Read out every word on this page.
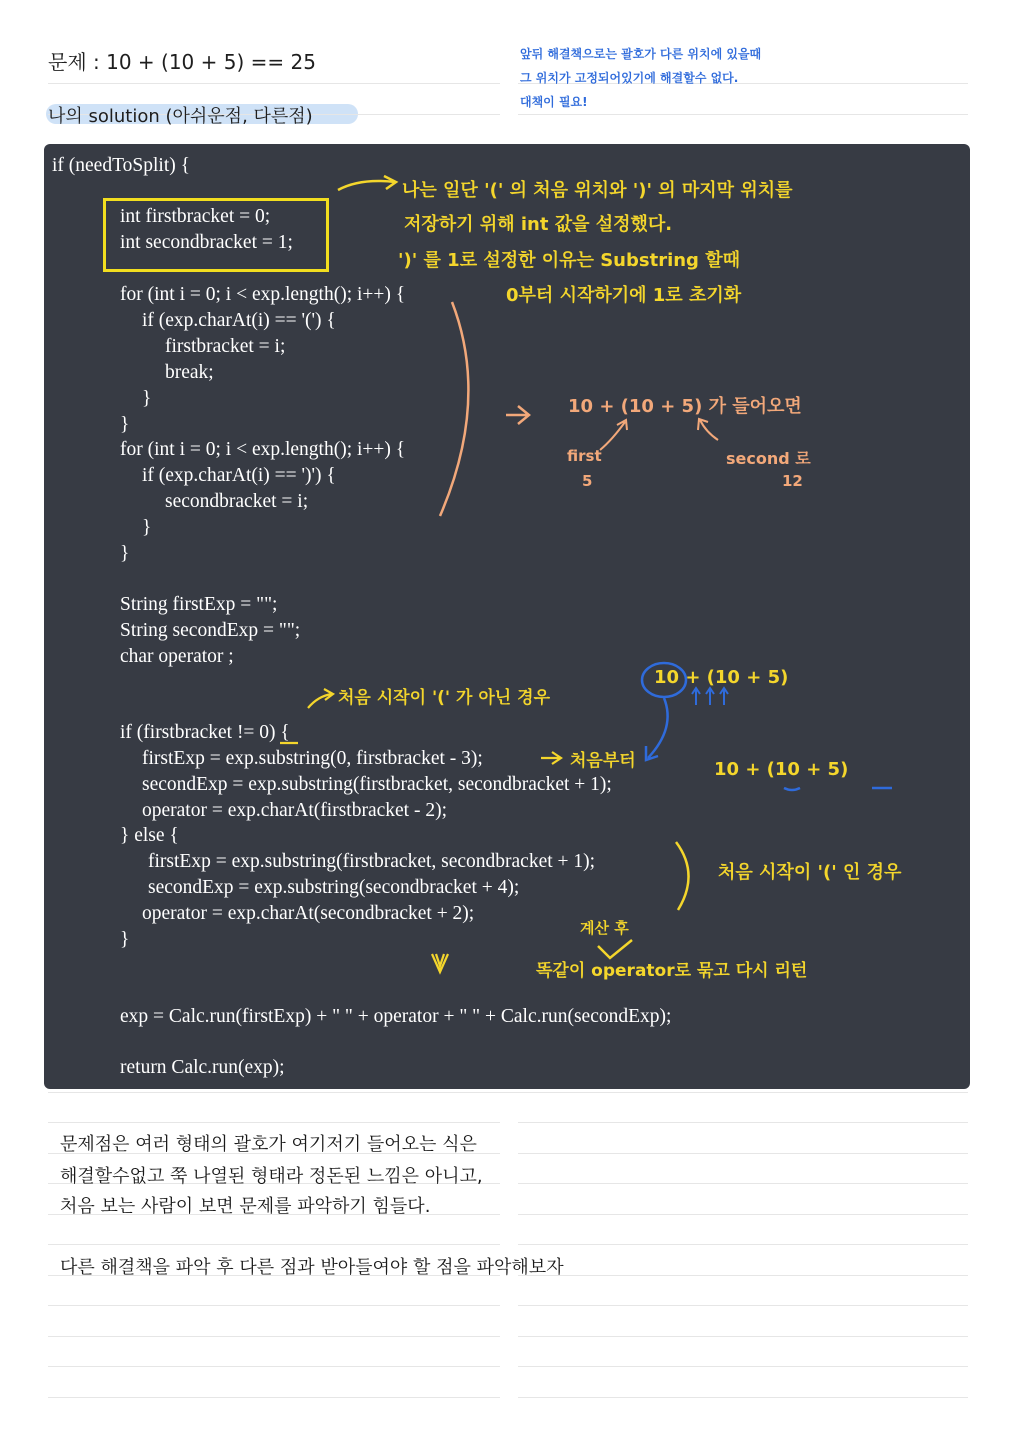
문제 : 10 + (10 + 5) == 25
나의 solution (아쉬운점, 다른점)
앞뒤 해결책으로는 괄호가 다른 위치에 있을때
그 위치가 고정되어있기에 해결할수 없다.
대책이 필요!
if (needToSplit) {
int firstbracket = 0;
int secondbracket = 1;
for (int i = 0; i < exp.length(); i++) {
if (exp.charAt(i) == '(') {
firstbracket = i;
break;
}
}
for (int i = 0; i < exp.length(); i++) {
if (exp.charAt(i) == ')') {
secondbracket = i;
}
}
String firstExp = "";
String secondExp = "";
char operator ;
if (firstbracket != 0) {
firstExp = exp.substring(0, firstbracket - 3);
secondExp = exp.substring(firstbracket, secondbracket + 1);
operator = exp.charAt(firstbracket - 2);
} else {
firstExp = exp.substring(firstbracket, secondbracket + 1);
secondExp = exp.substring(secondbracket + 4);
operator = exp.charAt(secondbracket + 2);
}
exp = Calc.run(firstExp) + " " + operator + " " + Calc.run(secondExp);
return Calc.run(exp);
나는 일단 '(' 의 처음 위치와 ')' 의 마지막 위치를
저장하기 위해 int 값을 설정했다.
')' 를 1로 설정한 이유는 Substring 할때
0부터 시작하기에 1로 초기화
10 + (10 + 5) 가 들어오면
first
5
second 로
12
처음 시작이 '(' 가 아닌 경우
처음부터
10 + (10 + 5)
10 + (10 + 5)
처음 시작이 '(' 인 경우
계산 후
똑같이 operator로 묶고 다시 리턴
문제점은 여러 형태의 괄호가 여기저기 들어오는 식은
해결할수없고 쭉 나열된 형태라 정돈된 느낌은 아니고,
처음 보는 사람이 보면 문제를 파악하기 힘들다.
다른 해결책을 파악 후 다른 점과 받아들여야 할 점을 파악해보자
